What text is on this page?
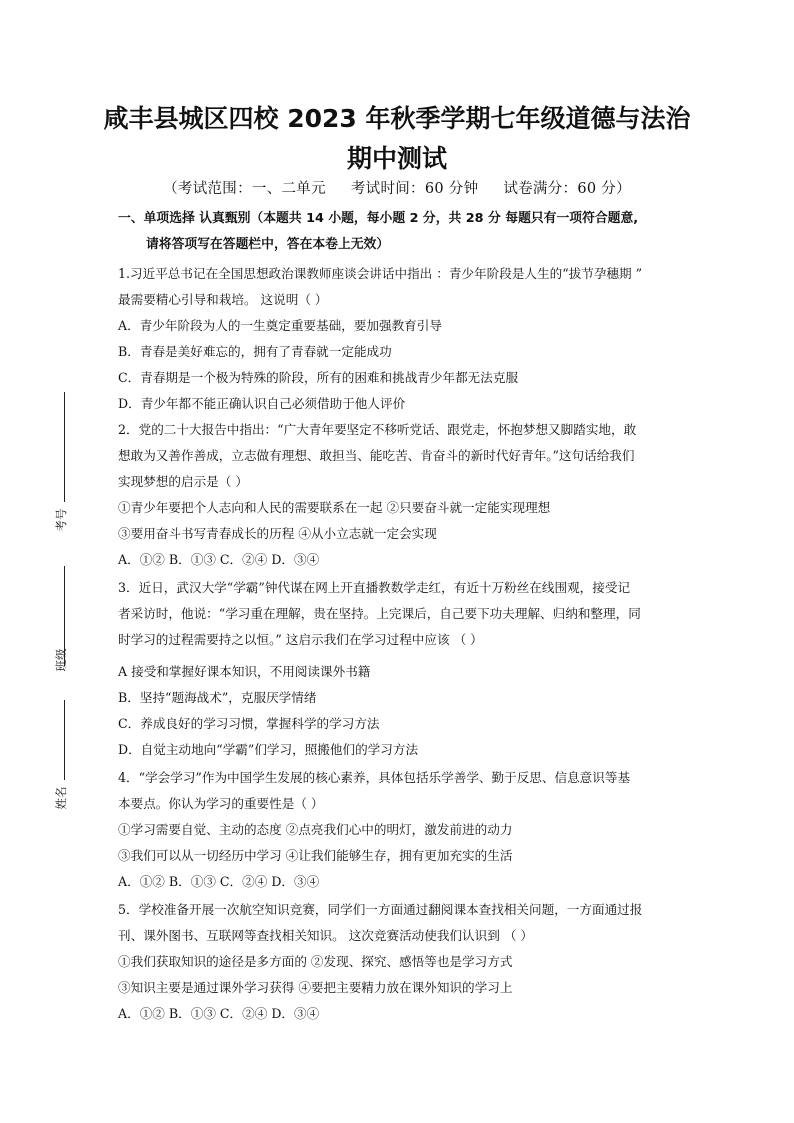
咸丰县城区四校 2023 年秋季学期七年级道德与法治
期中测试
（考试范围：一、二单元 考试时间：60 分钟 试卷满分：60 分）
一、单项选择 认真甄别（本题共 14 小题，每小题 2 分，共 28 分 每题只有一项符合题意,
请将答项写在答题栏中，答在本卷上无效）
1.习近平总书记在全国思想政治课教师座谈会讲话中指出 ：青少年阶段是人生的“拔节孕穗期 ”
最需要精心引导和栽培。 这说明（ ）
A．青少年阶段为人的一生奠定重要基础，要加强教育引导
B．青春是美好难忘的，拥有了青春就一定能成功
C．青春期是一个极为特殊的阶段，所有的困难和挑战青少年都无法克服
D．青少年都不能正确认识自己必须借助于他人评价
2．党的二十大报告中指出：“广大青年要坚定不移听党话、跟党走，怀抱梦想又脚踏实地，敢
想敢为又善作善成，立志做有理想、敢担当、能吃苦、肯奋斗的新时代好青年。”这句话给我们
实现梦想的启示是（ ）
①青少年要把个人志向和人民的需要联系在一起 ②只要奋斗就一定能实现理想
③要用奋斗书写青春成长的历程 ④从小立志就一定会实现
A．①② B．①③ C．②④ D．③④
3．近日，武汉大学“学霸”钟代谋在网上开直播教数学走红，有近十万粉丝在线围观，接受记
者采访时，他说：“学习重在理解，贵在坚持。上完课后，自己要下功夫理解、归纳和整理，同
时学习的过程需要持之以恒。” 这启示我们在学习过程中应该 （ ）
A 接受和掌握好课本知识，不用阅读课外书籍
B．坚持“题海战术”，克服厌学情绪
C．养成良好的学习习惯，掌握科学的学习方法
D．自觉主动地向“学霸”们学习，照搬他们的学习方法
4．“学会学习”作为中国学生发展的核心素养，具体包括乐学善学、勤于反思、信息意识等基
本要点。你认为学习的重要性是（ ）
①学习需要自觉、主动的态度 ②点亮我们心中的明灯，激发前进的动力
③我们可以从一切经历中学习 ④让我们能够生存，拥有更加充实的生活
A．①② B．①③ C．②④ D．③④
5．学校准备开展一次航空知识竞赛，同学们一方面通过翻阅课本查找相关问题，一方面通过报
刊、课外图书、互联网等查找相关知识。 这次竞赛活动使我们认识到 （ ）
①我们获取知识的途径是多方面的 ②发现、探究、感悟等也是学习方式
③知识主要是通过课外学习获得 ④要把主要精力放在课外知识的学习上
A．①② B．①③ C．②④ D．③④
考号
班级
姓名
